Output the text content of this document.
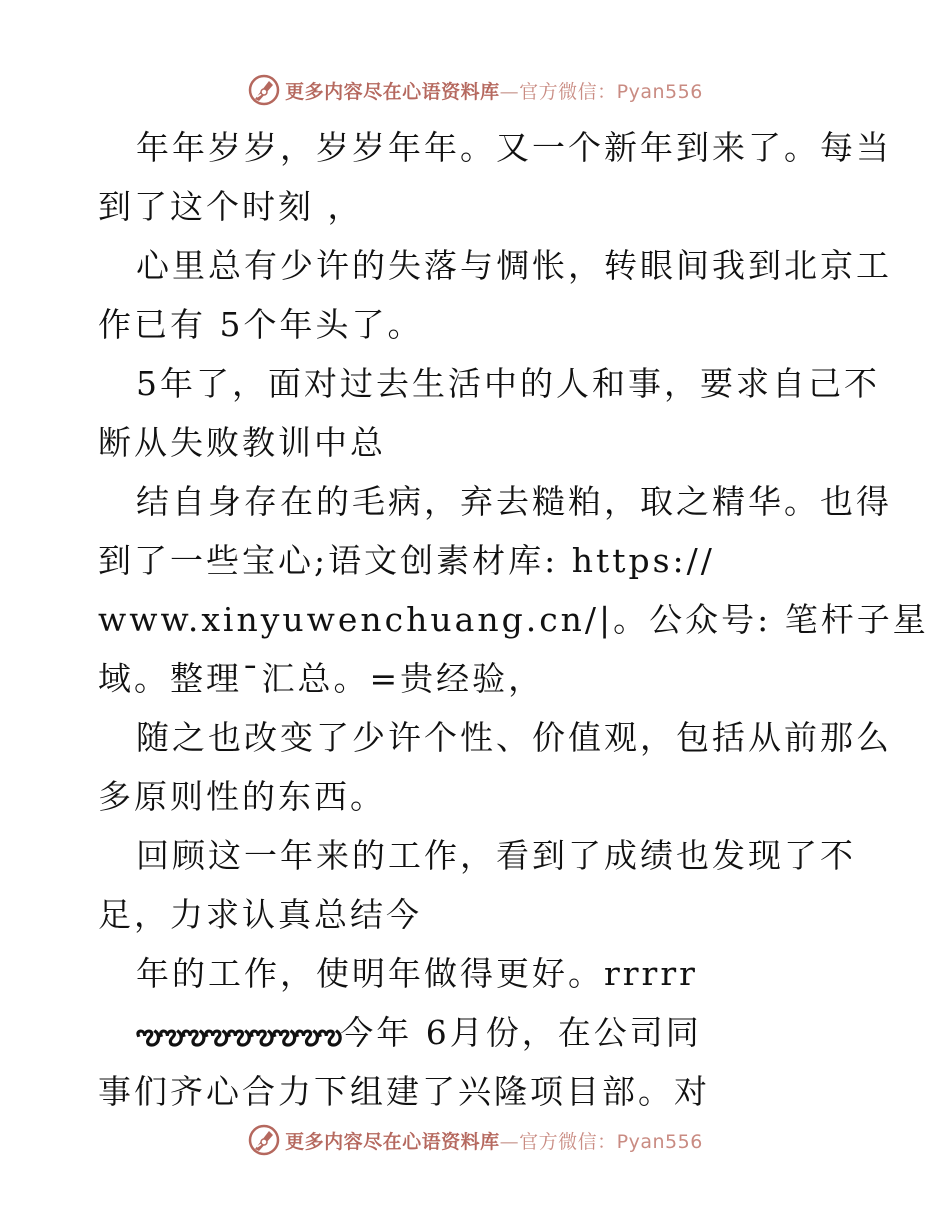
更多内容尽在心语资料库—官方微信：Pyan556
年年岁岁，岁岁年年。又一个新年到来了。每当
到了这个时刻 ，
心里总有少许的失落与惆怅，转眼间我到北京工
作已有 5个年头了。
5年了，面对过去生活中的人和事，要求自己不
断从失败教训中总
结自身存在的毛病，弃去糙粕，取之精华。也得
到了一些宝心;语文创素材库: https://
www.xinyuwenchuang.cn/|。公众号: 笔杆子星
域。整理¯汇总。=贵经验，
随之也改变了少许个性、价值观，包括从前那么
多原则性的东西。
回顾这一年来的工作，看到了成绩也发现了不
足，力求认真总结今
年的工作，使明年做得更好。rrrrr
ఌఌఌఌఌఌఌఌఌ今年 6月份，在公司同
事们齐心合力下组建了兴隆项目部。对
更多内容尽在心语资料库—官方微信：Pyan556
